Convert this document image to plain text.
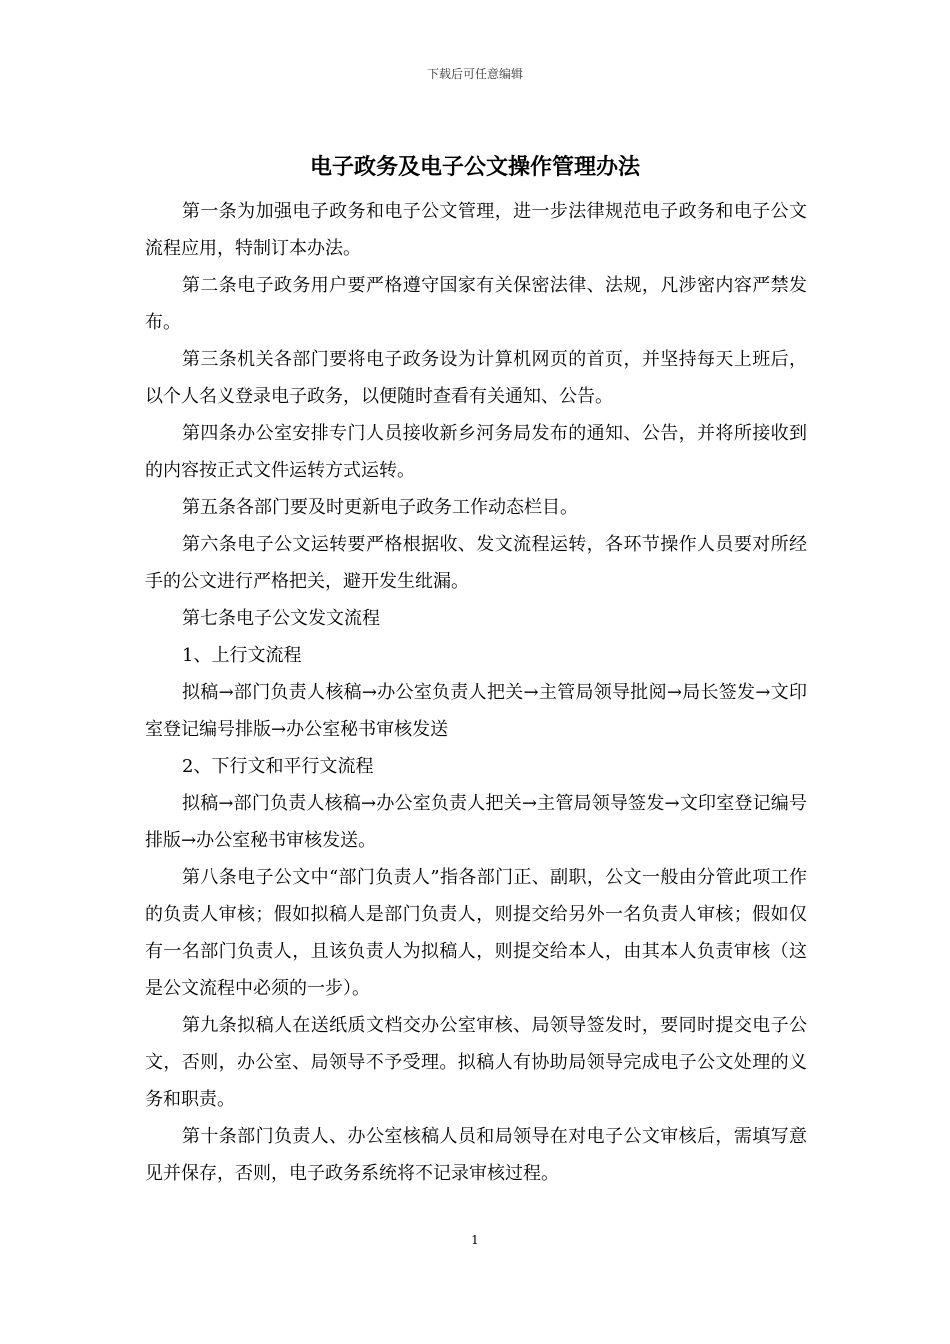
下载后可任意编辑
电子政务及电子公文操作管理办法

第一条为加强电子政务和电子公文管理，进一步法律规范电子政务和电子公文流程应用，特制订本办法。

第二条电子政务用户要严格遵守国家有关保密法律、法规，凡涉密内容严禁发布。

第三条机关各部门要将电子政务设为计算机网页的首页，并坚持每天上班后，以个人名义登录电子政务，以便随时查看有关通知、公告。

第四条办公室安排专门人员接收新乡河务局发布的通知、公告，并将所接收到的内容按正式文件运转方式运转。

第五条各部门要及时更新电子政务工作动态栏目。

第六条电子公文运转要严格根据收、发文流程运转，各环节操作人员要对所经手的公文进行严格把关，避开发生纰漏。

第七条电子公文发文流程

1、上行文流程

拟稿→部门负责人核稿→办公室负责人把关→主管局领导批阅→局长签发→文印室登记编号排版→办公室秘书审核发送

2、下行文和平行文流程

拟稿→部门负责人核稿→办公室负责人把关→主管局领导签发→文印室登记编号排版→办公室秘书审核发送。

第八条电子公文中“部门负责人”指各部门正、副职，公文一般由分管此项工作的负责人审核；假如拟稿人是部门负责人，则提交给另外一名负责人审核；假如仅有一名部门负责人，且该负责人为拟稿人，则提交给本人，由其本人负责审核（这是公文流程中必须的一步）。

第九条拟稿人在送纸质文档交办公室审核、局领导签发时，要同时提交电子公文，否则，办公室、局领导不予受理。拟稿人有协助局领导完成电子公文处理的义务和职责。

第十条部门负责人、办公室核稿人员和局领导在对电子公文审核后，需填写意见并保存，否则，电子政务系统将不记录审核过程。

1
